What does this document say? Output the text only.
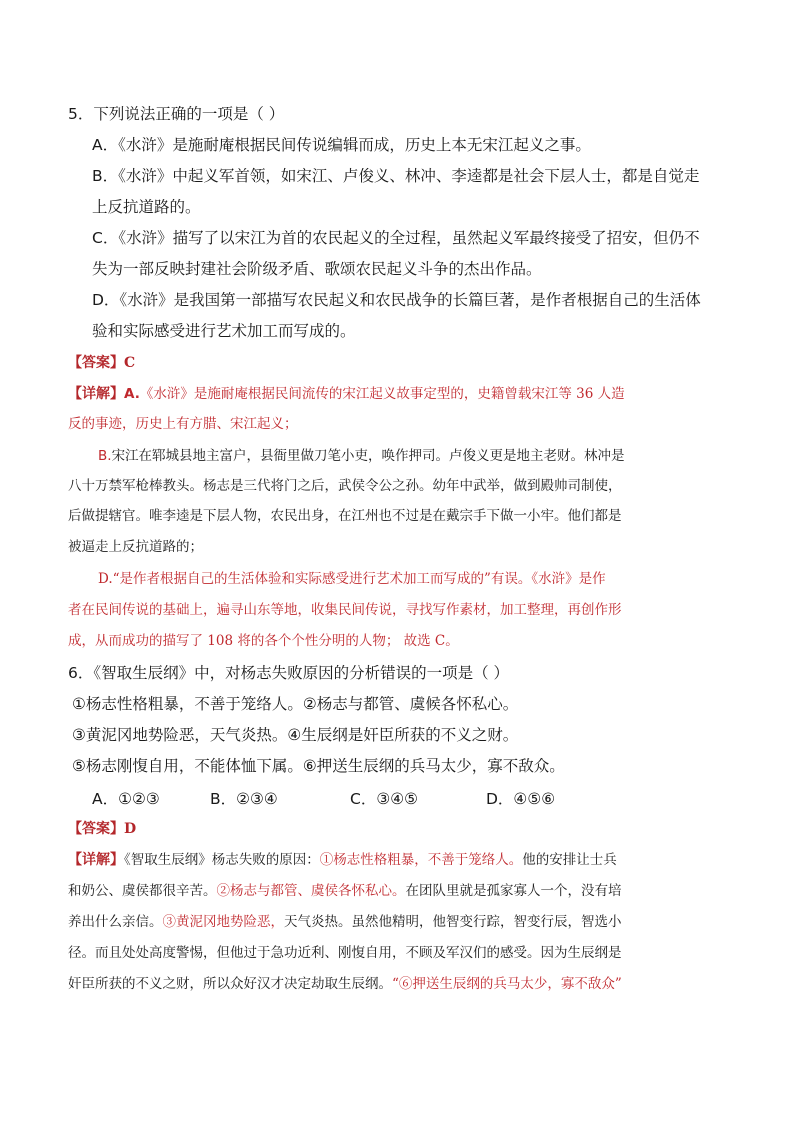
5．下列说法正确的一项是（ ）
A．《水浒》是施耐庵根据民间传说编辑而成，历史上本无宋江起义之事。
B．《水浒》中起义军首领，如宋江、卢俊义、林冲、李逵都是社会下层人士，都是自觉走
上反抗道路的。
C．《水浒》描写了以宋江为首的农民起义的全过程，虽然起义军最终接受了招安，但仍不
失为一部反映封建社会阶级矛盾、歌颂农民起义斗争的杰出作品。
D．《水浒》是我国第一部描写农民起义和农民战争的长篇巨著，是作者根据自己的生活体
验和实际感受进行艺术加工而写成的。
【答案】C
【详解】A.《水浒》是施耐庵根据民间流传的宋江起义故事定型的，史籍曾载宋江等 36 人造
反的事迹，历史上有方腊、宋江起义；
B.宋江在郓城县地主富户，县衙里做刀笔小吏，唤作押司。卢俊义更是地主老财。林冲是
八十万禁军枪棒教头。杨志是三代将门之后，武侯令公之孙。幼年中武举，做到殿帅司制使，
后做提辖官。唯李逵是下层人物，农民出身，在江州也不过是在戴宗手下做一小牢。他们都是
被逼走上反抗道路的；
D.“是作者根据自己的生活体验和实际感受进行艺术加工而写成的”有误。《水浒》是作
者在民间传说的基础上，遍寻山东等地，收集民间传说，寻找写作素材，加工整理，再创作形
成，从而成功的描写了 108 将的各个个性分明的人物； 故选 C。
6．《智取生辰纲》中，对杨志失败原因的分析错误的一项是（ ）
①杨志性格粗暴，不善于笼络人。②杨志与都管、虞候各怀私心。
③黄泥冈地势险恶，天气炎热。④生辰纲是奸臣所获的不义之财。
⑤杨志刚愎自用，不能体恤下属。⑥押送生辰纲的兵马太少，寡不敌众。
A．①②③	B．②③④	C．③④⑤	D．④⑤⑥
【答案】D
【详解】《智取生辰纲》杨志失败的原因：①杨志性格粗暴，不善于笼络人。他的安排让士兵
和奶公、虞侯都很辛苦。②杨志与都管、虞侯各怀私心。在团队里就是孤家寡人一个，没有培
养出什么亲信。③黄泥冈地势险恶，天气炎热。虽然他精明，他智变行踪，智变行辰，智选小
径。而且处处高度警惕，但他过于急功近利、刚愎自用，不顾及军汉们的感受。因为生辰纲是
奸臣所获的不义之财，所以众好汉才决定劫取生辰纲。“⑥押送生辰纲的兵马太少，寡不敌众”
